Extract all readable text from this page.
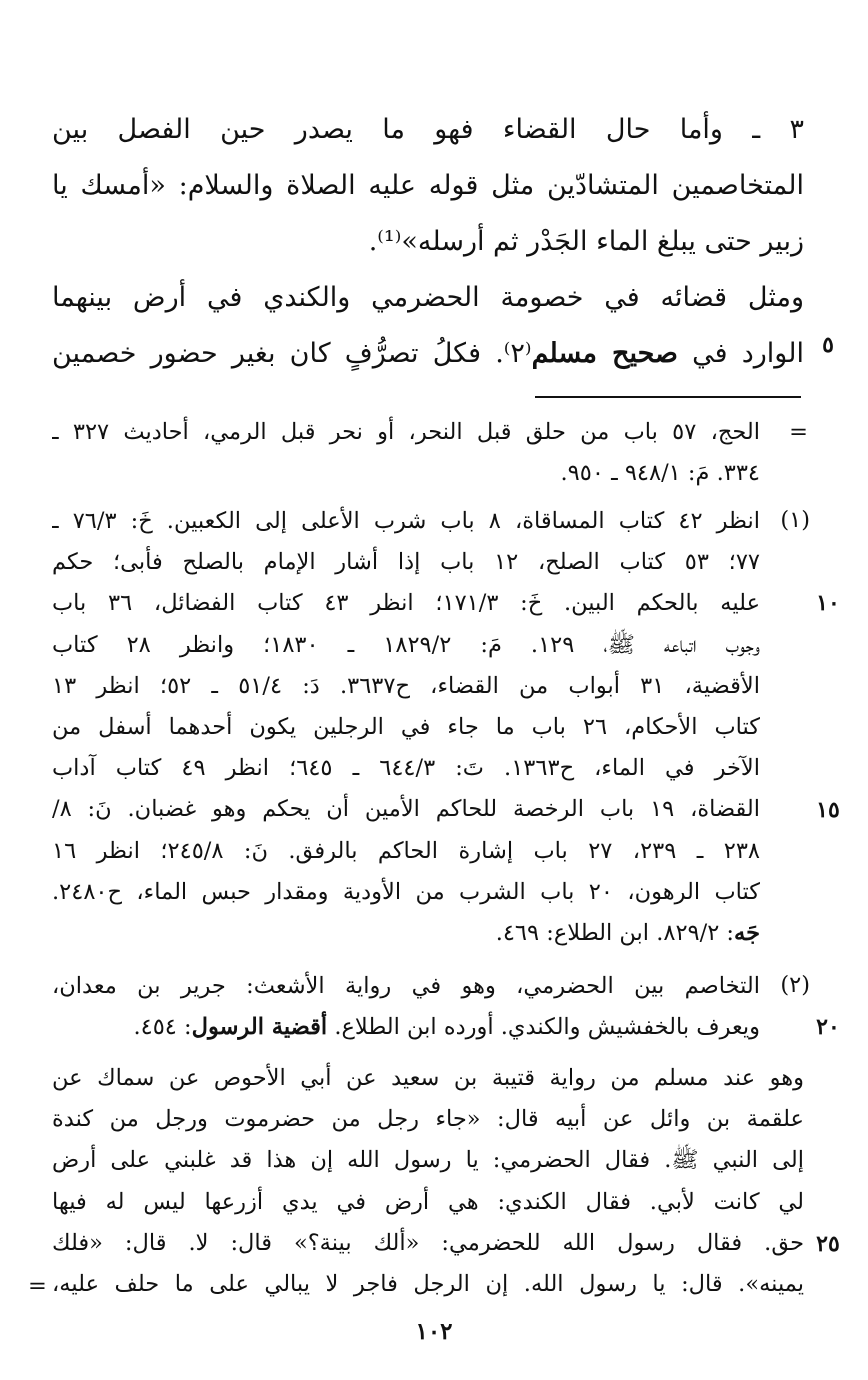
٣ ـ وأما حال القضاء فهو ما يصدر حين الفصل بين
المتخاصمين المتشادّين مثل قوله عليه الصلاة والسلام: «أمسك يا
زبير حتى يبلغ الماء الجَدْر ثم أرسله»⁽¹⁾.
ومثل قضائه في خصومة الحضرمي والكندي في أرض بينهما
الوارد في صحيح مسلم⁽٢⁾. فكلُ تصرُّفٍ كان بغير حضور خصمين
=
الحج، ٥٧ باب من حلق قبل النحر، أو نحر قبل الرمي، أحاديث ٣٢٧ ـ
٣٣٤. مَ: ٩٤٨/١ ـ ٩٥٠.
(١)
انظر ٤٢ كتاب المساقاة، ٨ باب شرب الأعلى إلى الكعبين. خَ: ٧٦/٣ ـ
٧٧؛ ٥٣ كتاب الصلح، ١٢ باب إذا أشار الإمام بالصلح فأبى؛ حكم
عليه بالحكم البين. خَ: ١٧١/٣؛ انظر ٤٣ كتاب الفضائل، ٣٦ باب
وجوب اتباعه ﷺ، ١٢٩. مَ: ١٨٢٩/٢ ـ ١٨٣٠؛ وانظر ٢٨ كتاب
الأقضية، ٣١ أبواب من القضاء، ح٣٦٣٧. دَ: ٥١/٤ ـ ٥٢؛ انظر ١٣
كتاب الأحكام، ٢٦ باب ما جاء في الرجلين يكون أحدهما أسفل من
الآخر في الماء، ح١٣٦٣. تَ: ٦٤٤/٣ ـ ٦٤٥؛ انظر ٤٩ كتاب آداب
القضاة، ١٩ باب الرخصة للحاكم الأمين أن يحكم وهو غضبان. نَ: ٨/
٢٣٨ ـ ٢٣٩، ٢٧ باب إشارة الحاكم بالرفق. نَ: ٢٤٥/٨؛ انظر ١٦
كتاب الرهون، ٢٠ باب الشرب من الأودية ومقدار حبس الماء، ح٢٤٨٠.
جَه: ٨٢٩/٢. ابن الطلاع: ٤٦٩.
(٢)
التخاصم بين الحضرمي، وهو في رواية الأشعث: جرير بن معدان،
ويعرف بالخفشيش والكندي. أورده ابن الطلاع. أقضية الرسول: ٤٥٤.
وهو عند مسلم من رواية قتيبة بن سعيد عن أبي الأحوص عن سماك عن
علقمة بن وائل عن أبيه قال: «جاء رجل من حضرموت ورجل من كندة
إلى النبي ﷺ. فقال الحضرمي: يا رسول الله إن هذا قد غلبني على أرض
لي كانت لأبي. فقال الكندي: هي أرض في يدي أزرعها ليس له فيها
حق. فقال رسول الله للحضرمي: «ألك بينة؟» قال: لا. قال: «فلك
يمينه». قال: يا رسول الله. إن الرجل فاجر لا يبالي على ما حلف عليه،
=
٥
١٠
١٥
٢٠
٢٥
١٠٢
